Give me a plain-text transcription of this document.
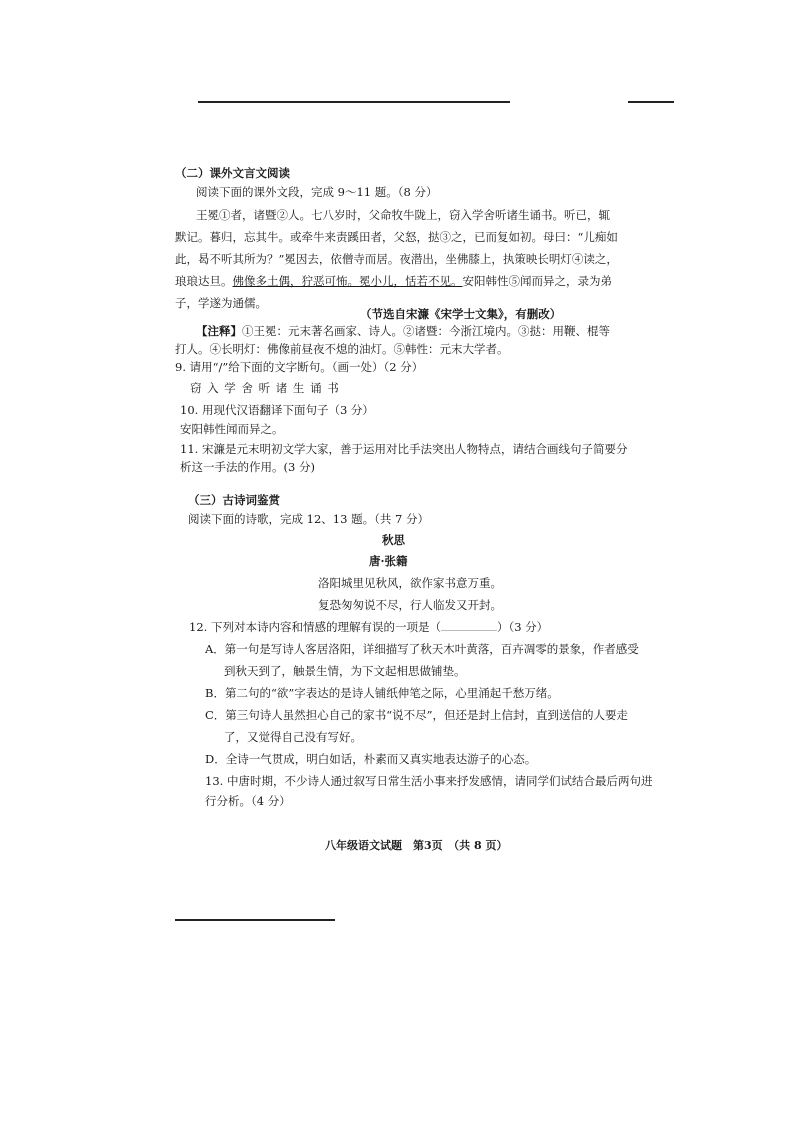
（二）课外文言文阅读
阅读下面的课外文段，完成 9～11 题。（8 分）
王冕①者，诸暨②人。七八岁时，父命牧牛陇上，窃入学舍听诸生诵书。听已，辄
默记。暮归，忘其牛。或牵牛来责蹊田者，父怒，挞③之，已而复如初。母曰：“儿痴如
此，曷不听其所为？”冕因去，依僧寺而居。夜潜出，坐佛膝上，执策映长明灯④读之，
琅琅达旦。佛像多土偶，狞恶可怖。冕小儿，恬若不见。安阳韩性⑤闻而异之，录为弟
子，学遂为通儒。
（节选自宋濂《宋学士文集》，有删改）
【注释】①王冕：元末著名画家、诗人。②诸暨：今浙江境内。③挞：用鞭、棍等
打人。④长明灯：佛像前昼夜不熄的油灯。⑤韩性：元末大学者。
9. 请用“/”给下面的文字断句。（画一处）（2 分）
窃 入 学 舍 听 诸 生 诵 书
10. 用现代汉语翻译下面句子（3 分）
安阳韩性闻而异之。
11. 宋濂是元末明初文学大家，善于运用对比手法突出人物特点，请结合画线句子简要分
析这一手法的作用。(3 分)
（三）古诗词鉴赏
阅读下面的诗歌，完成 12、13 题。（共 7 分）
秋思
唐·张籍
洛阳城里见秋风，欲作家书意万重。
复恐匆匆说不尽，行人临发又开封。
12. 下列对本诗内容和情感的理解有误的一项是（	）（3 分）
A．第一句是写诗人客居洛阳，详细描写了秋天木叶黄落，百卉凋零的景象，作者感受
到秋天到了，触景生情，为下文起相思做铺垫。
B．第二句的“欲”字表达的是诗人铺纸伸笔之际，心里涌起千愁万绪。
C．第三句诗人虽然担心自己的家书“说不尽”，但还是封上信封，直到送信的人要走
了，又觉得自己没有写好。
D．全诗一气贯成，明白如话，朴素而又真实地表达游子的心态。
13. 中唐时期，不少诗人通过叙写日常生活小事来抒发感情，请同学们试结合最后两句进
行分析。（4 分）
八年级语文试题　第3页　（共 8 页）
